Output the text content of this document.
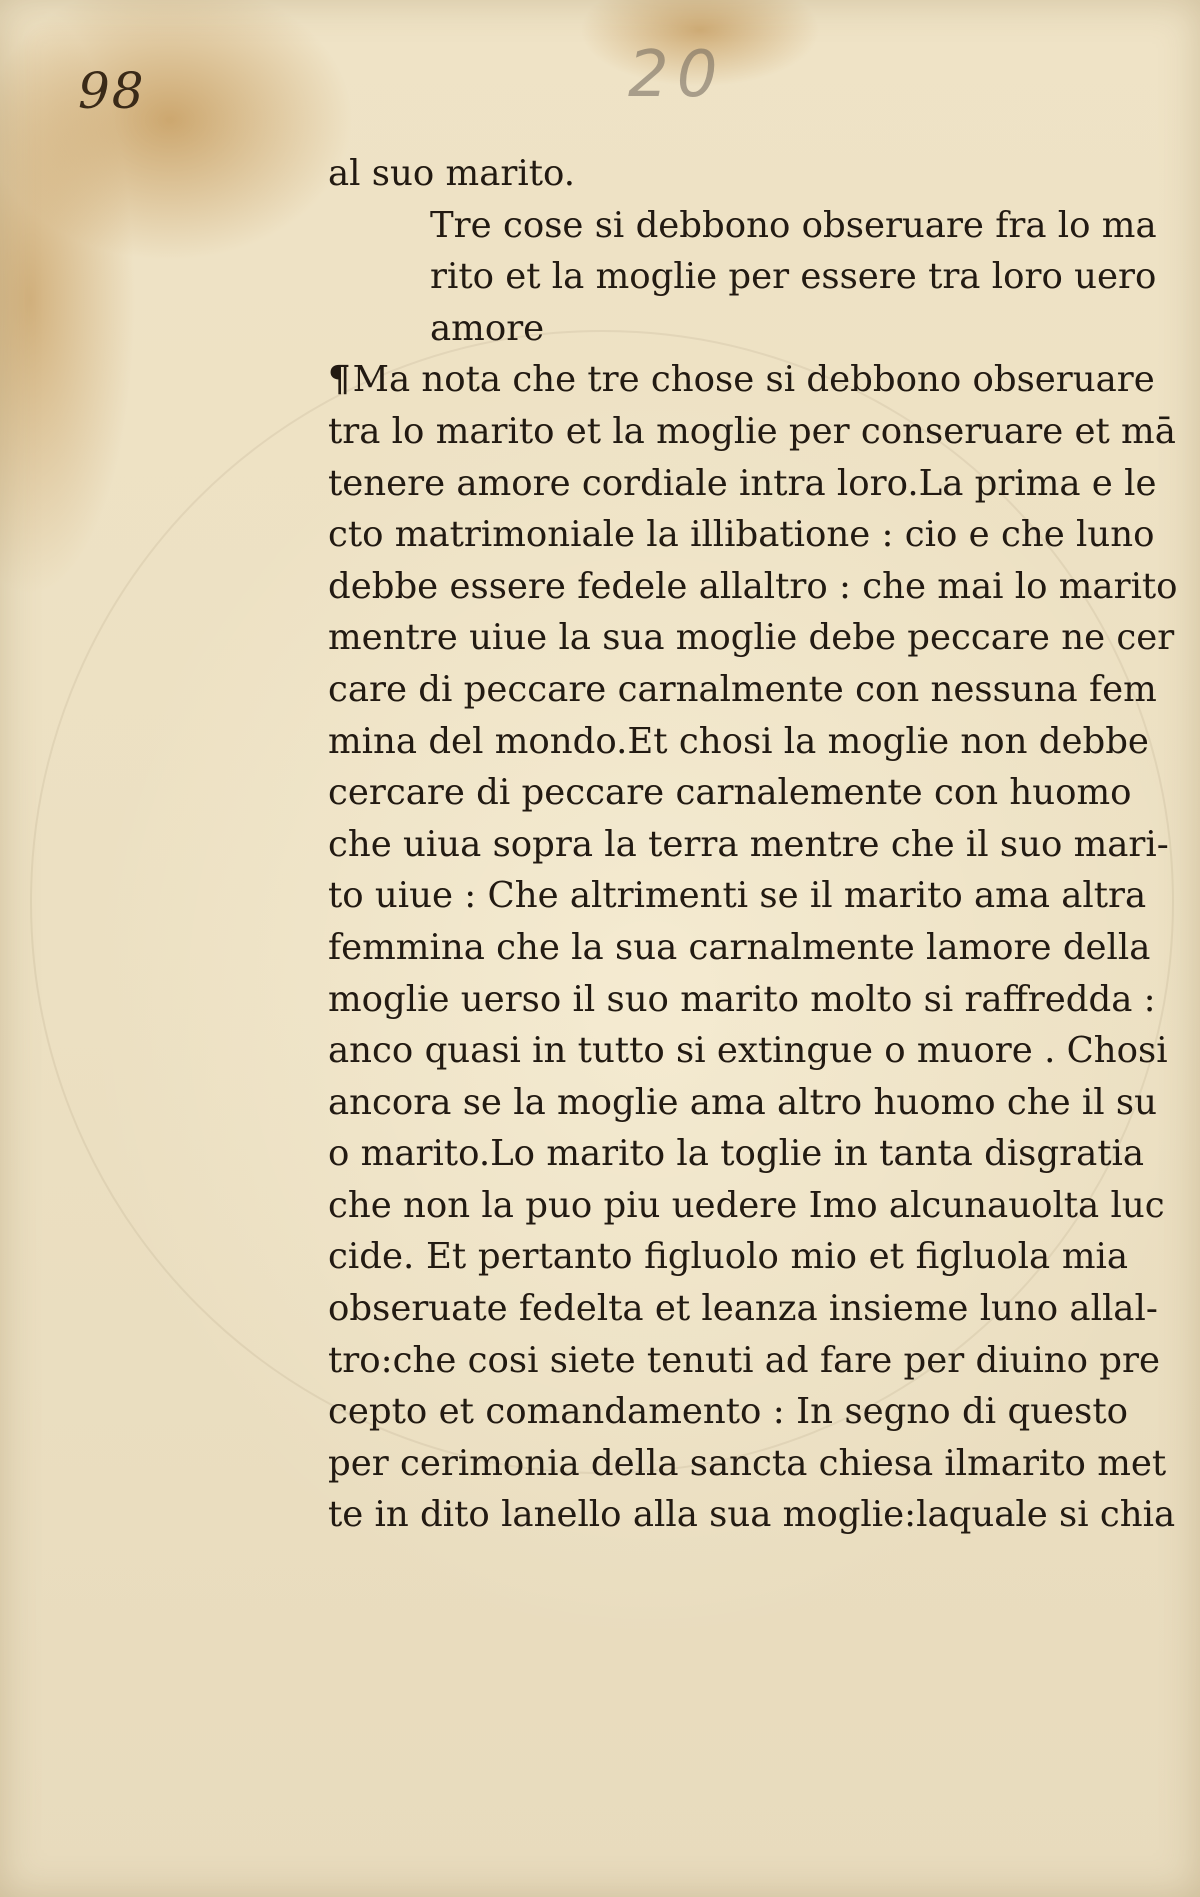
98	20
al suo marito.
Tre cose si debbono obseruare fra lo ma
rito et la moglie per essere tra loro uero
amore
¶Ma nota che tre chose si debbono obseruare
tra lo marito et la moglie per conseruare et mā
tenere amore cordiale intra loro.La prima e le
cto matrimoniale la illibatione : cio e che luno
debbe essere fedele allaltro : che mai lo marito
mentre uiue la sua moglie debe peccare ne cer
care di peccare carnalmente con nessuna fem
mina del mondo.Et chosi la moglie non debbe
cercare di peccare carnalemente con huomo
che uiua sopra la terra mentre che il suo mari-
to uiue : Che altrimenti se il marito ama altra
femmina che la sua carnalmente lamore della
moglie uerso il suo marito molto si raffredda :
anco quasi in tutto si extingue o muore . Chosi
ancora se la moglie ama altro huomo che il su
o marito.Lo marito la toglie in tanta disgratia
che non la puo piu uedere Imo alcunauolta luc
cide. Et pertanto figluolo mio et figluola mia
obseruate fedelta et leanza insieme luno allal-
tro:che cosi siete tenuti ad fare per diuino pre
cepto et comandamento : In segno di questo
per cerimonia della sancta chiesa ilmarito met
te in dito lanello alla sua moglie:laquale si chia
